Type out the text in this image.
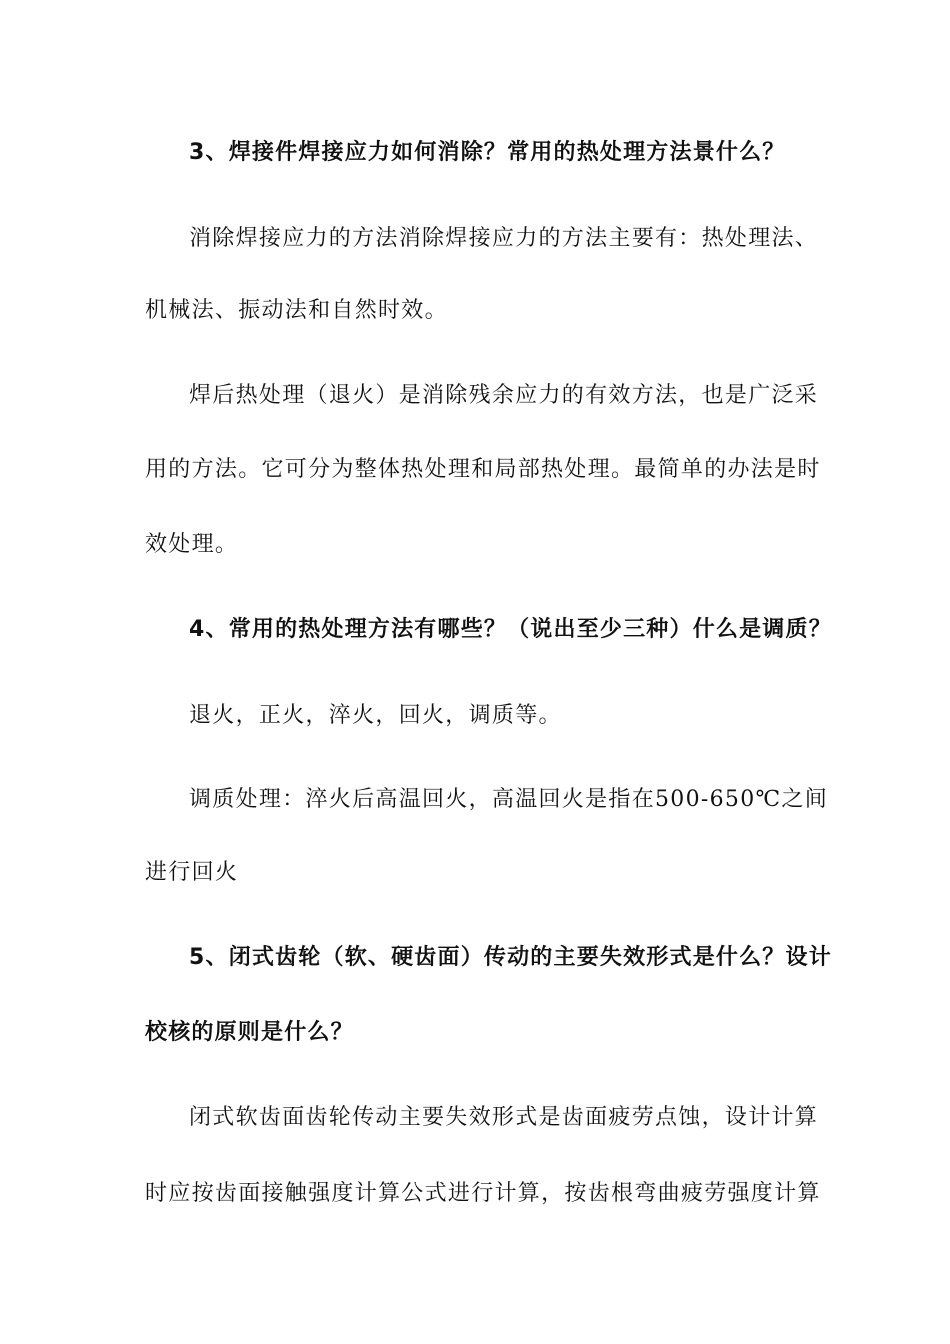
3、焊接件焊接应力如何消除？常用的热处理方法景什么？
消除焊接应力的方法消除焊接应力的方法主要有：热处理法、
机械法、振动法和自然时效。
焊后热处理（退火）是消除残余应力的有效方法，也是广泛采
用的方法。它可分为整体热处理和局部热处理。最简单的办法是时
效处理。
4、常用的热处理方法有哪些？（说出至少三种）什么是调质？
退火，正火，淬火，回火，调质等。
调质处理：淬火后高温回火，高温回火是指在500-650℃之间
进行回火
5、闭式齿轮（软、硬齿面）传动的主要失效形式是什么？设计
校核的原则是什么？
闭式软齿面齿轮传动主要失效形式是齿面疲劳点蚀，设计计算
时应按齿面接触强度计算公式进行计算，按齿根弯曲疲劳强度计算
